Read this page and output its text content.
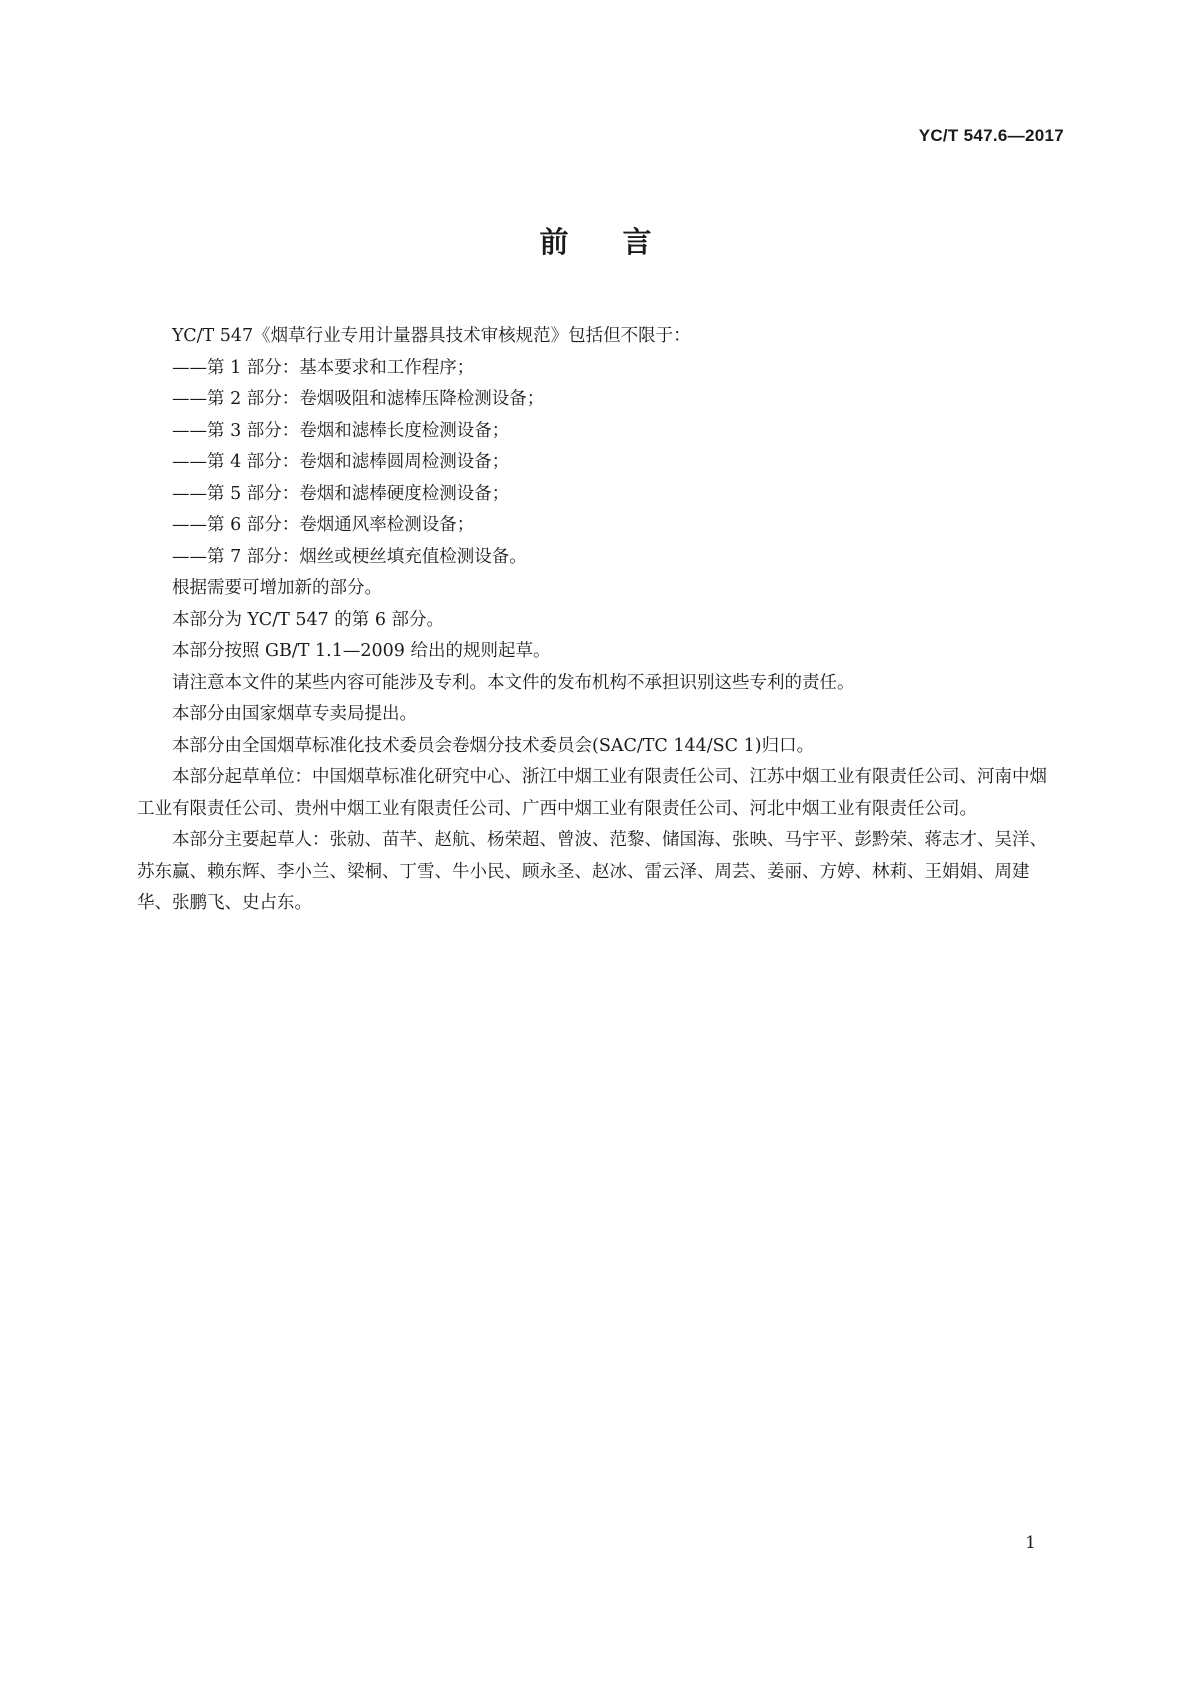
YC/T 547.6—2017

前言

YC/T 547《烟草行业专用计量器具技术审核规范》包括但不限于：

——第 1 部分：基本要求和工作程序；

——第 2 部分：卷烟吸阻和滤棒压降检测设备；

——第 3 部分：卷烟和滤棒长度检测设备；

——第 4 部分：卷烟和滤棒圆周检测设备；

——第 5 部分：卷烟和滤棒硬度检测设备；

——第 6 部分：卷烟通风率检测设备；

——第 7 部分：烟丝或梗丝填充值检测设备。

根据需要可增加新的部分。

本部分为 YC/T 547 的第 6 部分。

本部分按照 GB/T 1.1—2009 给出的规则起草。

请注意本文件的某些内容可能涉及专利。本文件的发布机构不承担识别这些专利的责任。

本部分由国家烟草专卖局提出。

本部分由全国烟草标准化技术委员会卷烟分技术委员会(SAC/TC 144/SC 1)归口。

本部分起草单位：中国烟草标准化研究中心、浙江中烟工业有限责任公司、江苏中烟工业有限责任公司、河南中烟工业有限责任公司、贵州中烟工业有限责任公司、广西中烟工业有限责任公司、河北中烟工业有限责任公司。

本部分主要起草人：张勍、苗芊、赵航、杨荣超、曾波、范黎、储国海、张映、马宇平、彭黔荣、蒋志才、吴洋、苏东赢、赖东辉、李小兰、梁桐、丁雪、牛小民、顾永圣、赵冰、雷云泽、周芸、姜丽、方婷、林莉、王娟娟、周建华、张鹏飞、史占东。

1
